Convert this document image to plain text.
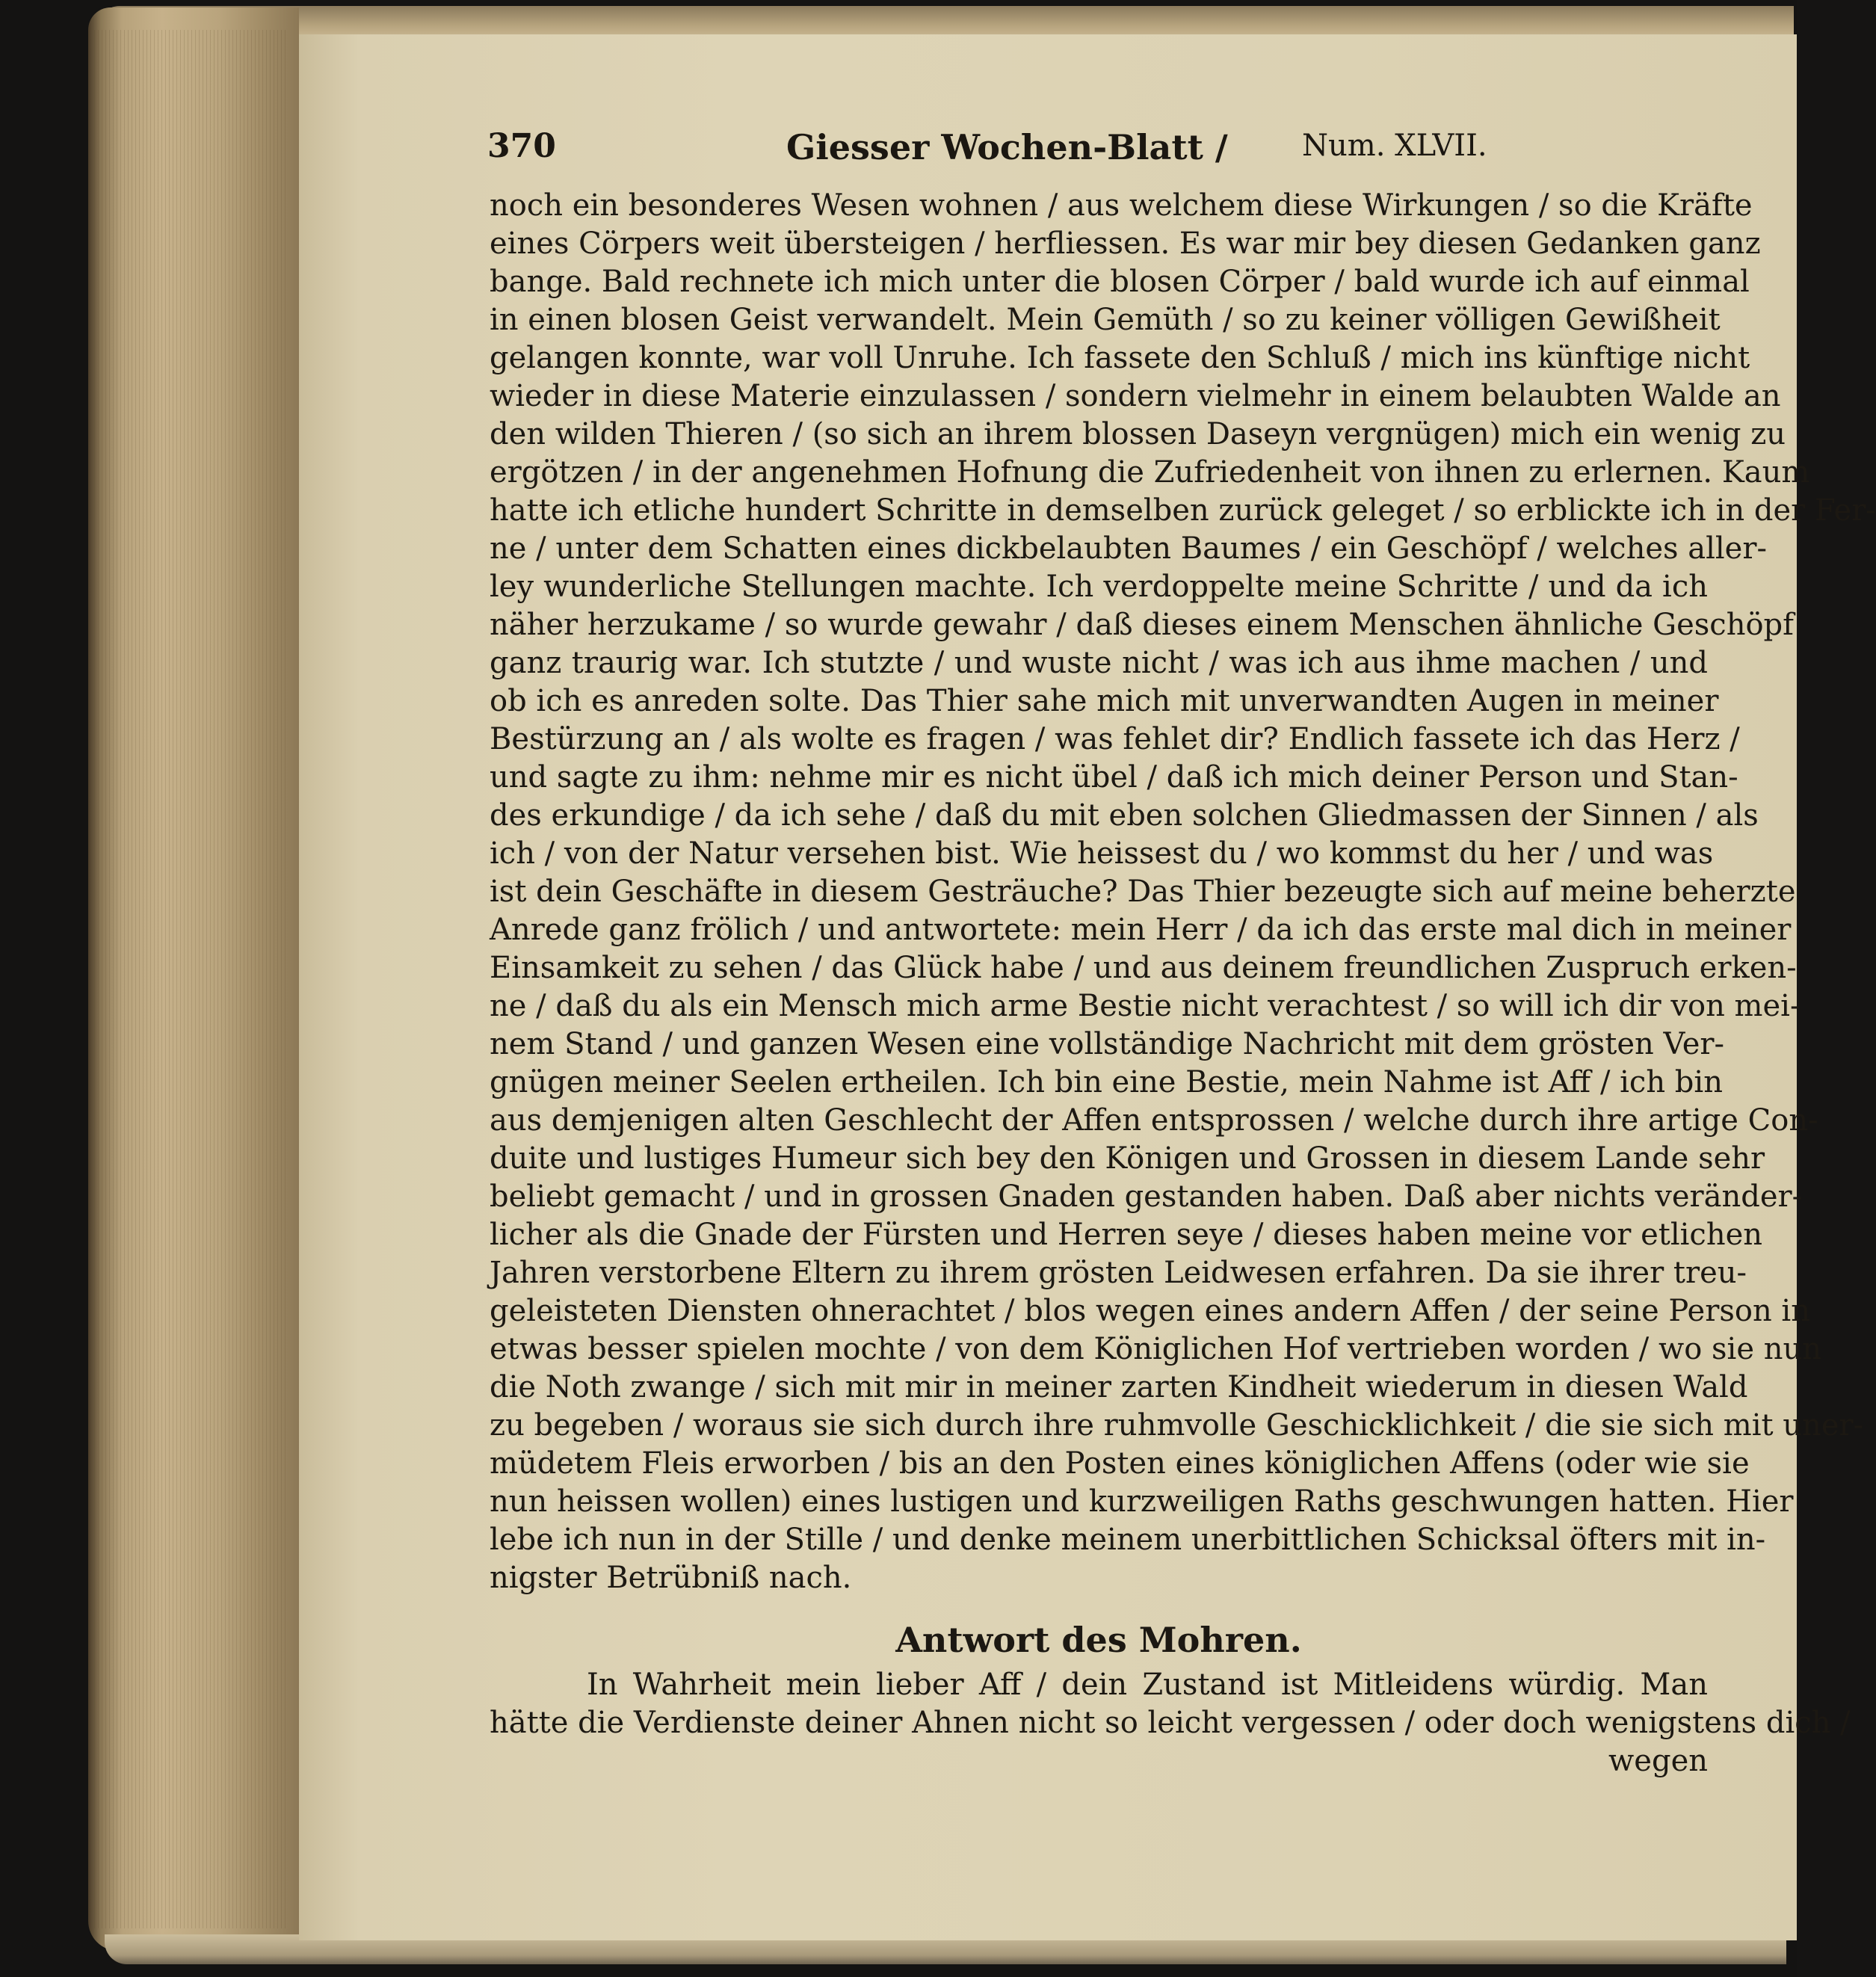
370	Giesser Wochen-Blatt / Num. XLVII.
noch ein besonderes Wesen wohnen / aus welchem diese Wirkungen / so die Kräfte
eines Cörpers weit übersteigen / herfliessen. Es war mir bey diesen Gedanken ganz
bange. Bald rechnete ich mich unter die blosen Cörper / bald wurde ich auf einmal
in einen blosen Geist verwandelt. Mein Gemüth / so zu keiner völligen Gewißheit
gelangen konnte, war voll Unruhe. Ich fassete den Schluß / mich ins künftige nicht
wieder in diese Materie einzulassen / sondern vielmehr in einem belaubten Walde an
den wilden Thieren / (so sich an ihrem blossen Daseyn vergnügen) mich ein wenig zu
ergötzen / in der angenehmen Hofnung die Zufriedenheit von ihnen zu erlernen. Kaum
hatte ich etliche hundert Schritte in demselben zurück geleget / so erblickte ich in der Fer-
ne / unter dem Schatten eines dickbelaubten Baumes / ein Geschöpf / welches aller-
ley wunderliche Stellungen machte. Ich verdoppelte meine Schritte / und da ich
näher herzukame / so wurde gewahr / daß dieses einem Menschen ähnliche Geschöpf
ganz traurig war. Ich stutzte / und wuste nicht / was ich aus ihme machen / und
ob ich es anreden solte. Das Thier sahe mich mit unverwandten Augen in meiner
Bestürzung an / als wolte es fragen / was fehlet dir? Endlich fassete ich das Herz /
und sagte zu ihm: nehme mir es nicht übel / daß ich mich deiner Person und Stan-
des erkundige / da ich sehe / daß du mit eben solchen Gliedmassen der Sinnen / als
ich / von der Natur versehen bist. Wie heissest du / wo kommst du her / und was
ist dein Geschäfte in diesem Gesträuche? Das Thier bezeugte sich auf meine beherzte
Anrede ganz frölich / und antwortete: mein Herr / da ich das erste mal dich in meiner
Einsamkeit zu sehen / das Glück habe / und aus deinem freundlichen Zuspruch erken-
ne / daß du als ein Mensch mich arme Bestie nicht verachtest / so will ich dir von mei-
nem Stand / und ganzen Wesen eine vollständige Nachricht mit dem grösten Ver-
gnügen meiner Seelen ertheilen. Ich bin eine Bestie, mein Nahme ist Aff / ich bin
aus demjenigen alten Geschlecht der Affen entsprossen / welche durch ihre artige Con-
duite und lustiges Humeur sich bey den Königen und Grossen in diesem Lande sehr
beliebt gemacht / und in grossen Gnaden gestanden haben. Daß aber nichts veränder-
licher als die Gnade der Fürsten und Herren seye / dieses haben meine vor etlichen
Jahren verstorbene Eltern zu ihrem grösten Leidwesen erfahren. Da sie ihrer treu-
geleisteten Diensten ohnerachtet / blos wegen eines andern Affen / der seine Person in
etwas besser spielen mochte / von dem Königlichen Hof vertrieben worden / wo sie nun
die Noth zwange / sich mit mir in meiner zarten Kindheit wiederum in diesen Wald
zu begeben / woraus sie sich durch ihre ruhmvolle Geschicklichkeit / die sie sich mit uner-
müdetem Fleis erworben / bis an den Posten eines königlichen Affens (oder wie sie
nun heissen wollen) eines lustigen und kurzweiligen Raths geschwungen hatten. Hier
lebe ich nun in der Stille / und denke meinem unerbittlichen Schicksal öfters mit in-
nigster Betrübniß nach.
Antwort des Mohren.
In Wahrheit mein lieber Aff / dein Zustand ist Mitleidens würdig. Man
hätte die Verdienste deiner Ahnen nicht so leicht vergessen / oder doch wenigstens dich /
wegen
